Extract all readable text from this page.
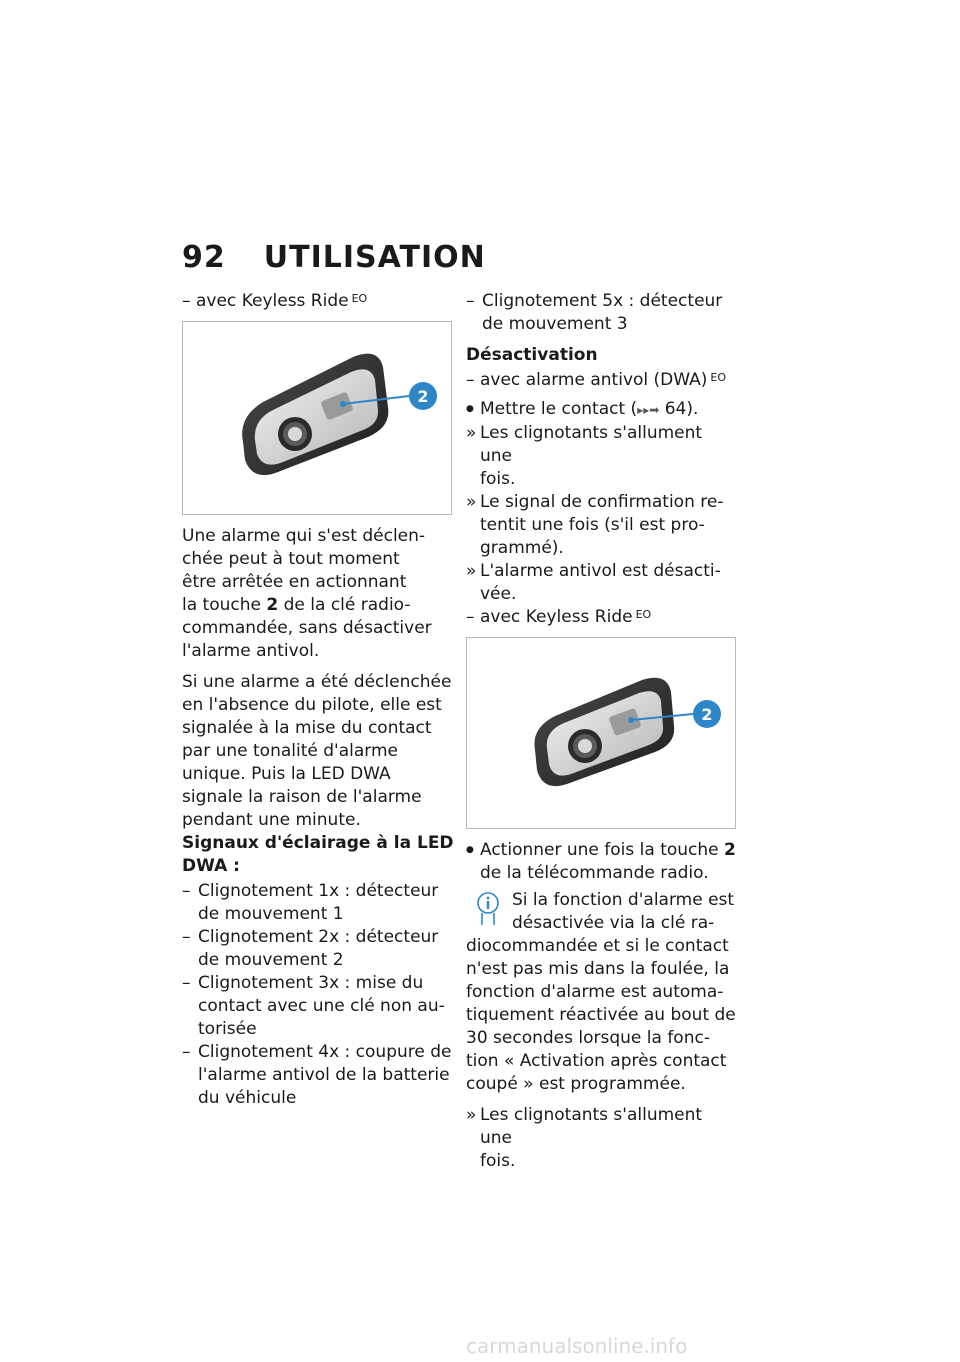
92 UTILISATION

– avec Keyless Ride $^{EO}$

2

Une alarme qui s'est déclen-
chée peut à tout moment
être arrêtée en actionnant
la touche 2 de la clé radio-
commandée, sans désactiver
l'alarme antivol.

Si une alarme a été déclenchée
en l'absence du pilote, elle est
signalée à la mise du contact
par une tonalité d'alarme
unique. Puis la LED DWA
signale la raison de l'alarme
pendant une minute.

Signaux d'éclairage à la LED
DWA :

– Clignotement 1x : détecteur
de mouvement 1

– Clignotement 2x : détecteur
de mouvement 2

– Clignotement 3x : mise du
contact avec une clé non au-
torisée

– Clignotement 4x : coupure de
l'alarme antivol de la batterie
du véhicule

– Clignotement 5x : détecteur
de mouvement 3

Désactivation

– avec alarme antivol (DWA) $^{EO}$

● Mettre le contact (▸▸➡ 64).

» Les clignotants s'allument une
fois.

» Le signal de confirmation re-
tentit une fois (s'il est pro-
grammé).

» L'alarme antivol est désacti-
vée.

– avec Keyless Ride $^{EO}$

2

● Actionner une fois la touche 2
de la télécommande radio.

Si la fonction d'alarme est
désactivée via la clé ra-
diocommandée et si le contact
n'est pas mis dans la foulée, la
fonction d'alarme est automa-
tiquement réactivée au bout de
30 secondes lorsque la fonc-
tion « Activation après contact
coupé » est programmée.

» Les clignotants s'allument une
fois.

carmanualsonline.info
